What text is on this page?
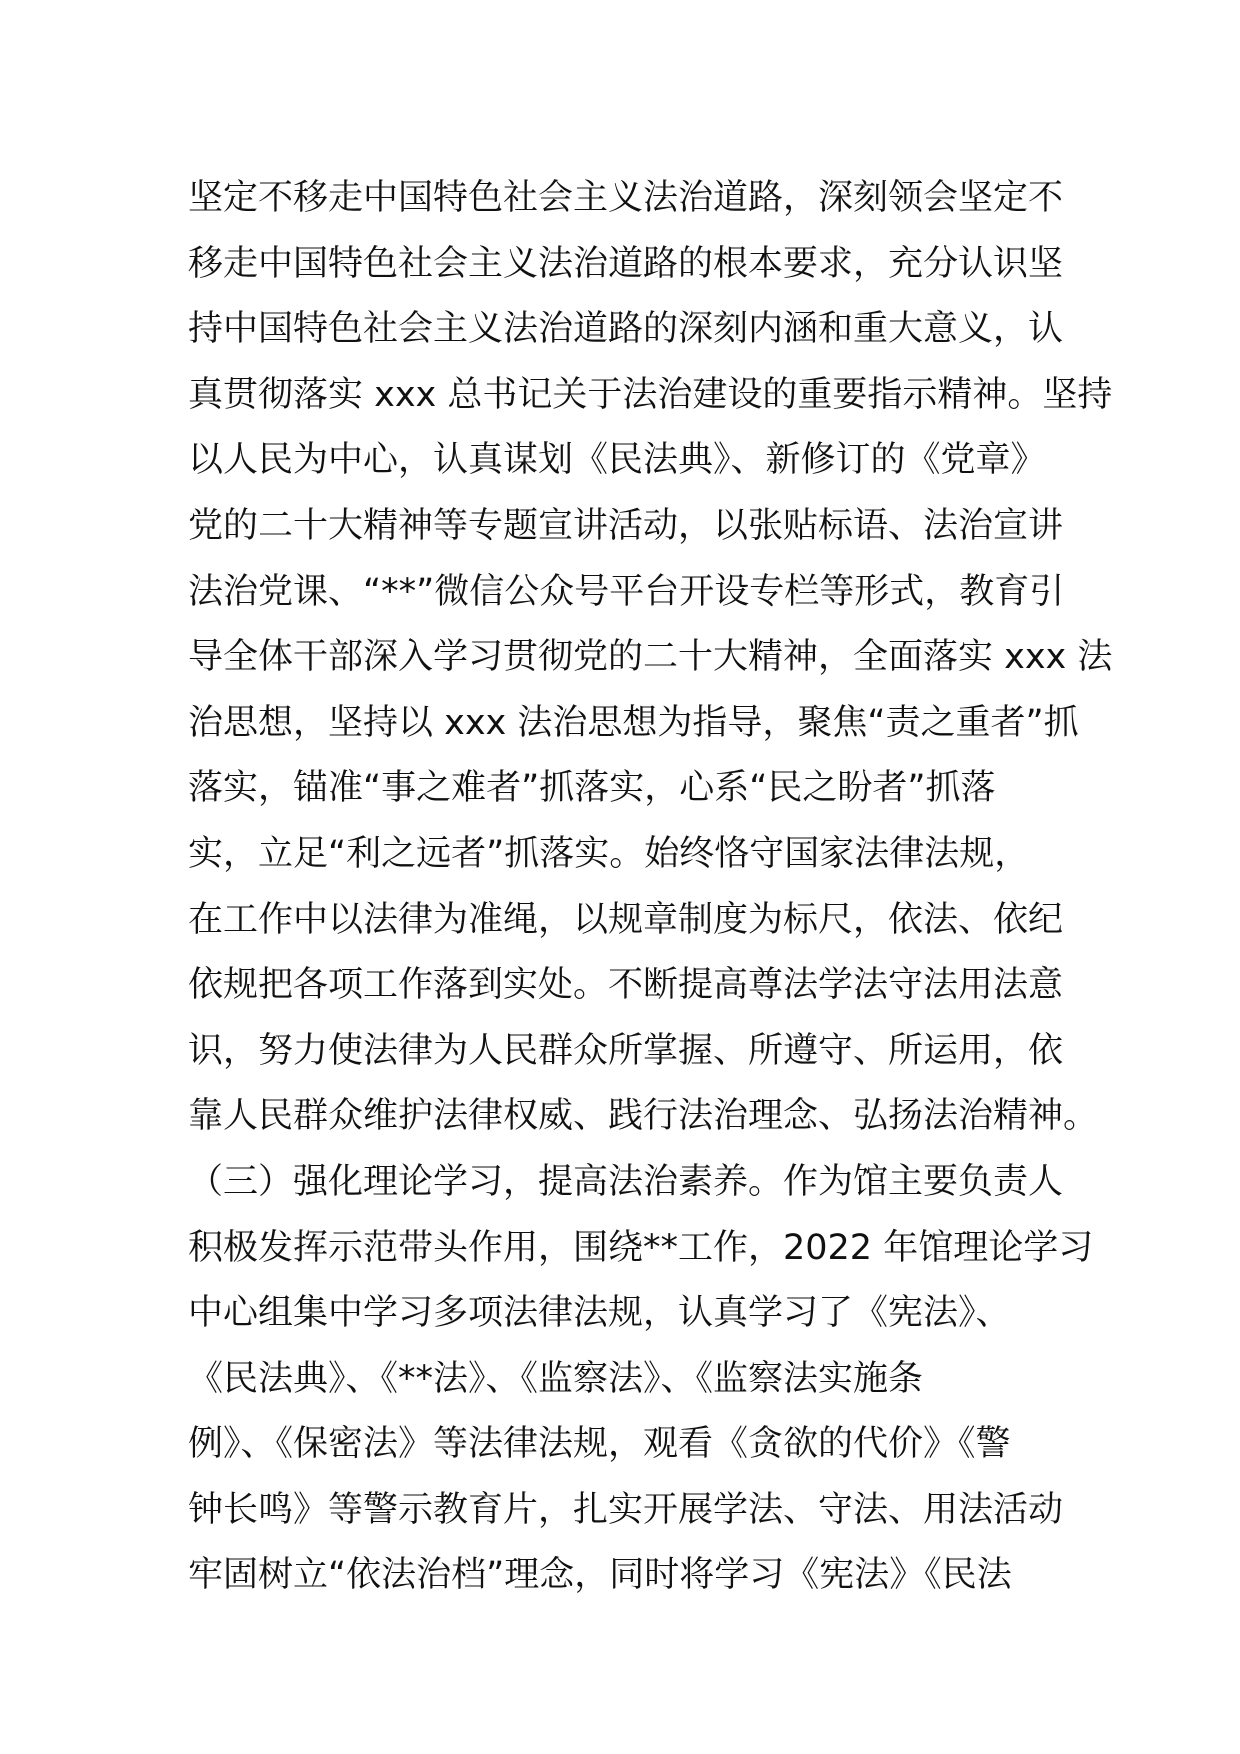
坚定不移走中国特色社会主义法治道路，深刻领会坚定不
移走中国特色社会主义法治道路的根本要求，充分认识坚
持中国特色社会主义法治道路的深刻内涵和重大意义，认
真贯彻落实 xxx 总书记关于法治建设的重要指示精神。坚持
以人民为中心，认真谋划《民法典》、新修订的《党章》
党的二十大精神等专题宣讲活动，以张贴标语、法治宣讲
法治党课、“**”微信公众号平台开设专栏等形式，教育引
导全体干部深入学习贯彻党的二十大精神，全面落实 xxx 法
治思想，坚持以 xxx 法治思想为指导，聚焦“责之重者”抓
落实，锚准“事之难者”抓落实，心系“民之盼者”抓落
实，立足“利之远者”抓落实。始终恪守国家法律法规，
在工作中以法律为准绳，以规章制度为标尺，依法、依纪
依规把各项工作落到实处。不断提高尊法学法守法用法意
识，努力使法律为人民群众所掌握、所遵守、所运用，依
靠人民群众维护法律权威、践行法治理念、弘扬法治精神。
（三）强化理论学习，提高法治素养。作为馆主要负责人
积极发挥示范带头作用，围绕**工作，2022 年馆理论学习
中心组集中学习多项法律法规，认真学习了《宪法》、
《民法典》、《**法》、《监察法》、《监察法实施条
例》、《保密法》等法律法规，观看《贪欲的代价》《警
钟长鸣》等警示教育片，扎实开展学法、守法、用法活动
牢固树立“依法治档”理念，同时将学习《宪法》《民法
